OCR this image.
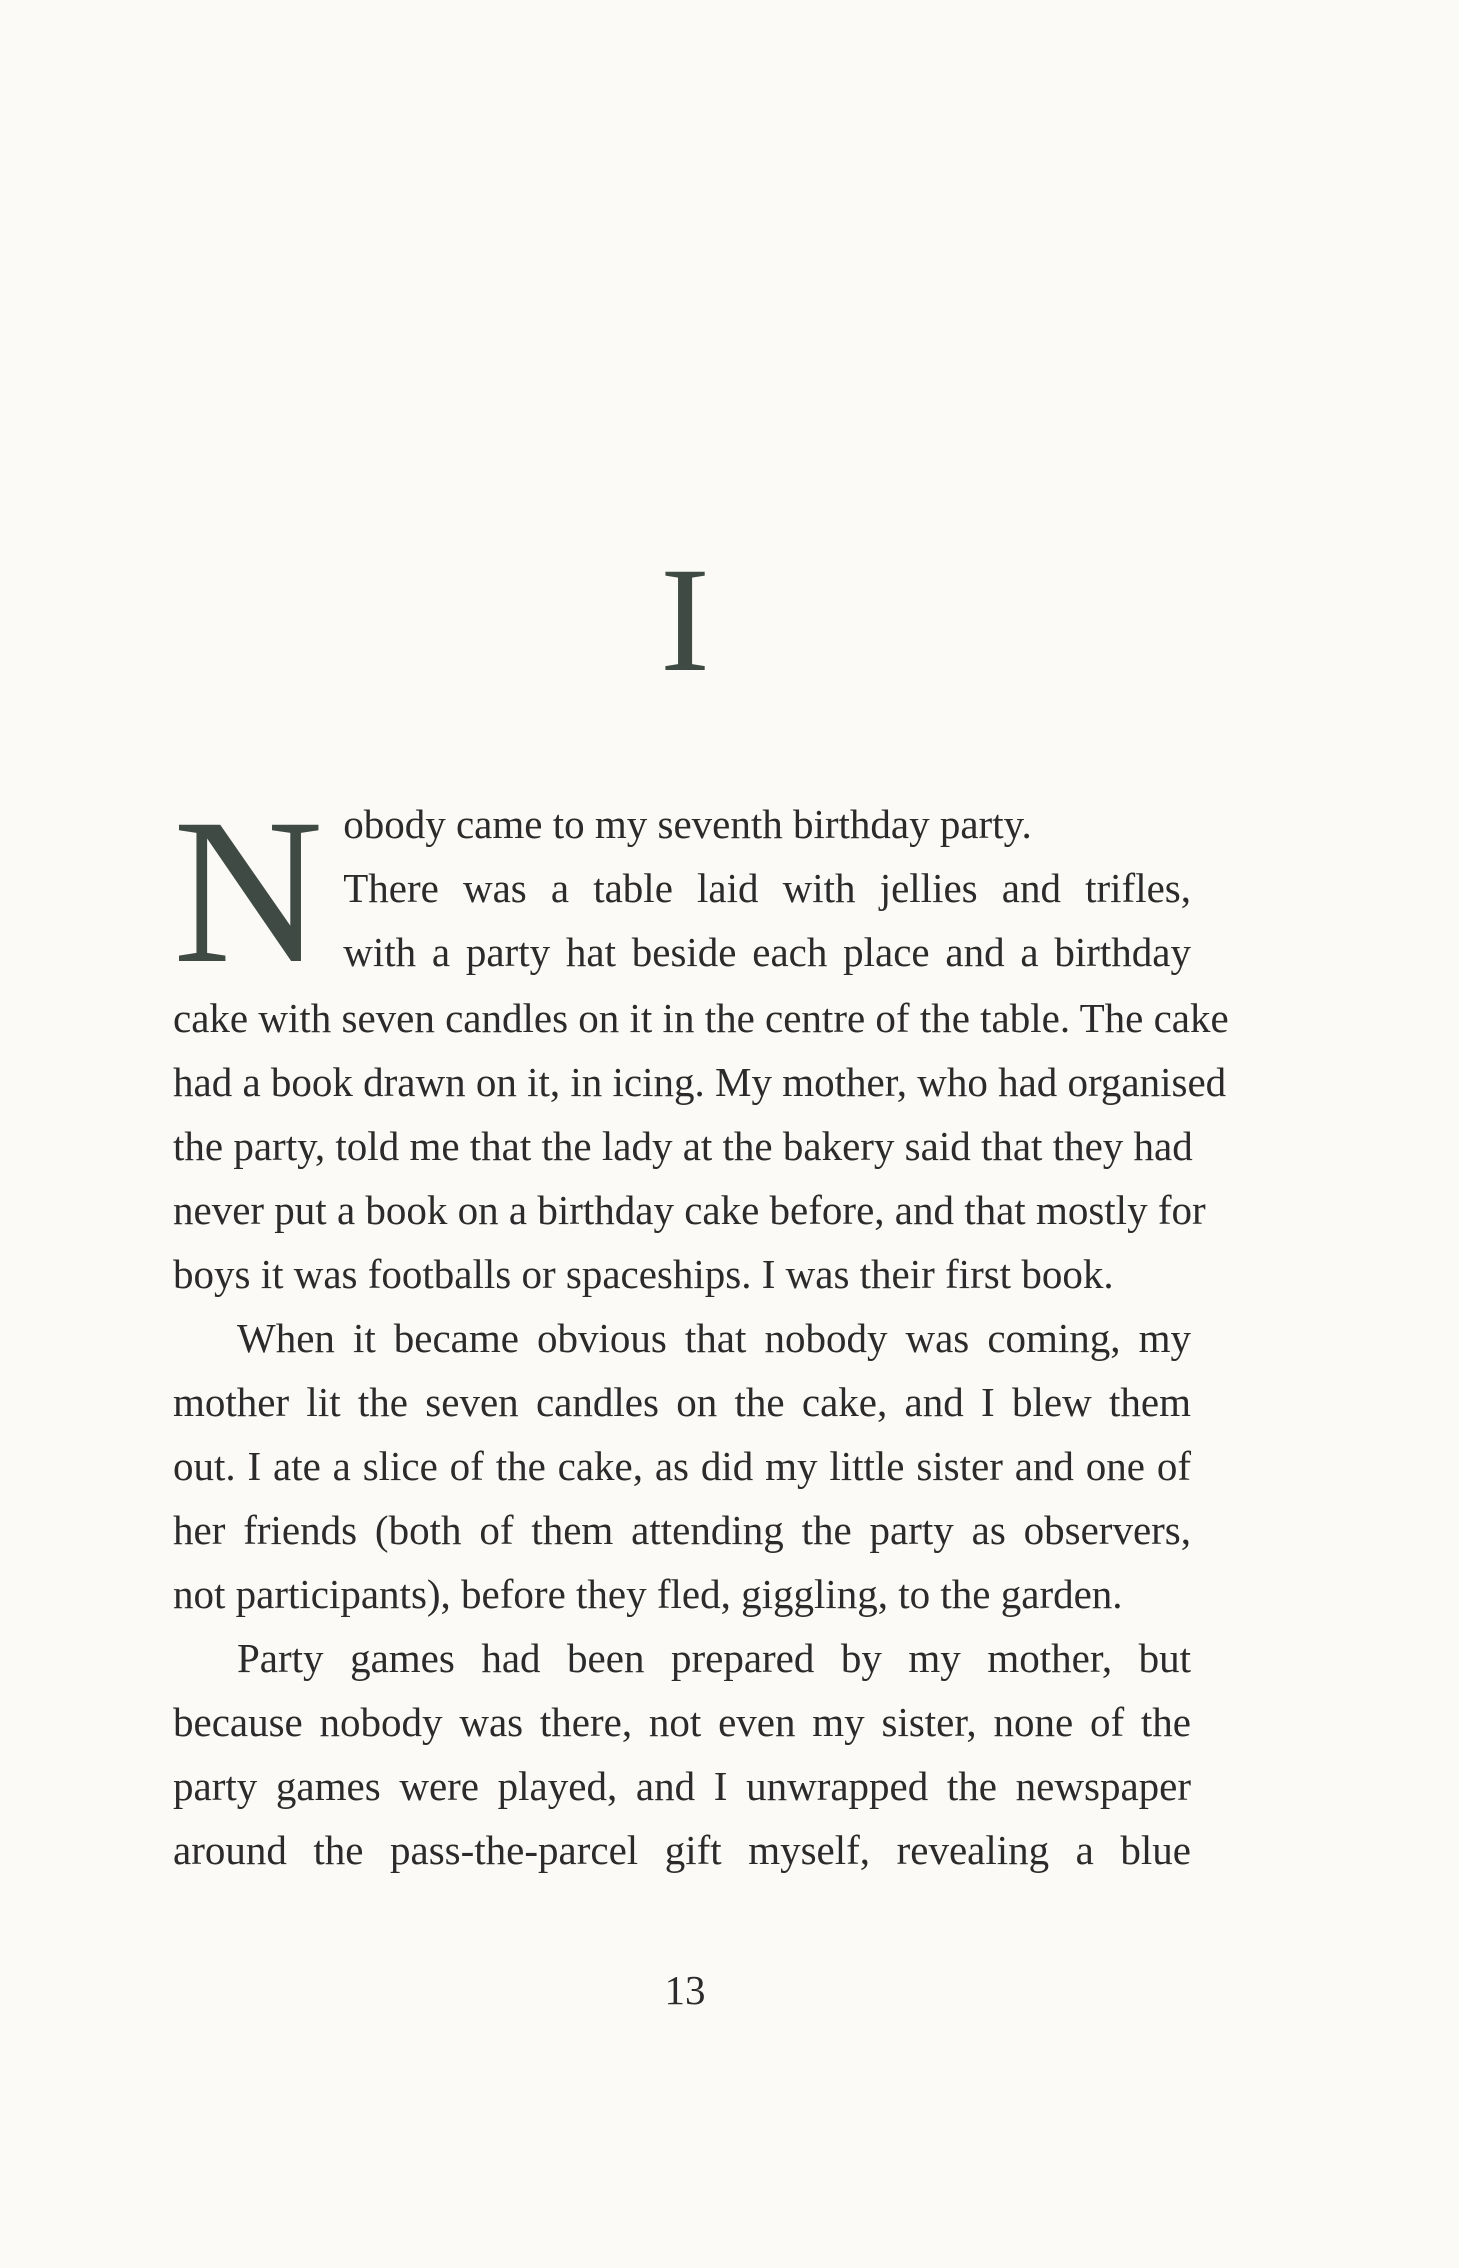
I
N obody came to my seventh birthday party.
There was a table laid with jellies and trifles,
with a party hat beside each place and a birthday
cake with seven candles on it in the centre of the table. The cake
had a book drawn on it, in icing. My mother, who had organised
the party, told me that the lady at the bakery said that they had
never put a book on a birthday cake before, and that mostly for
boys it was footballs or spaceships. I was their first book.
When it became obvious that nobody was coming, my
mother lit the seven candles on the cake, and I blew them
out. I ate a slice of the cake, as did my little sister and one of
her friends (both of them attending the party as observers,
not participants), before they fled, giggling, to the garden.
Party games had been prepared by my mother, but
because nobody was there, not even my sister, none of the
party games were played, and I unwrapped the newspaper
around the pass-the-parcel gift myself, revealing a blue
13
